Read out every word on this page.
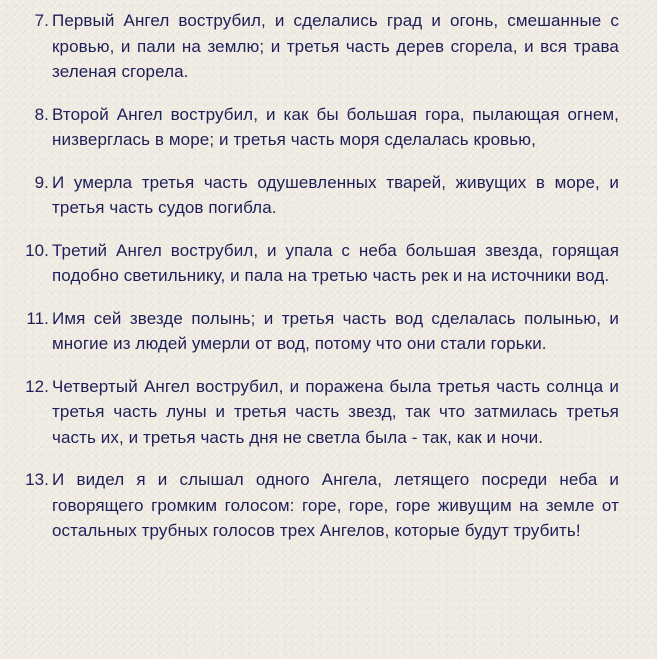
7. Первый Ангел вострубил, и сделались град и огонь, смешанные с кровью, и пали на землю; и третья часть дерев сгорела, и вся трава зеленая сгорела.
8. Второй Ангел вострубил, и как бы большая гора, пылающая огнем, низверглась в море; и третья часть моря сделалась кровью,
9. И умерла третья часть одушевленных тварей, живущих в море, и третья часть судов погибла.
10. Третий Ангел вострубил, и упала с неба большая звезда, горящая подобно светильнику, и пала на третью часть рек и на источники вод.
11. Имя сей звезде полынь; и третья часть вод сделалась полынью, и многие из людей умерли от вод, потому что они стали горьки.
12. Четвертый Ангел вострубил, и поражена была третья часть солнца и третья часть луны и третья часть звезд, так что затмилась третья часть их, и третья часть дня не светла была - так, как и ночи.
13. И видел я и слышал одного Ангела, летящего посреди неба и говорящего громким голосом: горе, горе, горе живущим на земле от остальных трубных голосов трех Ангелов, которые будут трубить!
